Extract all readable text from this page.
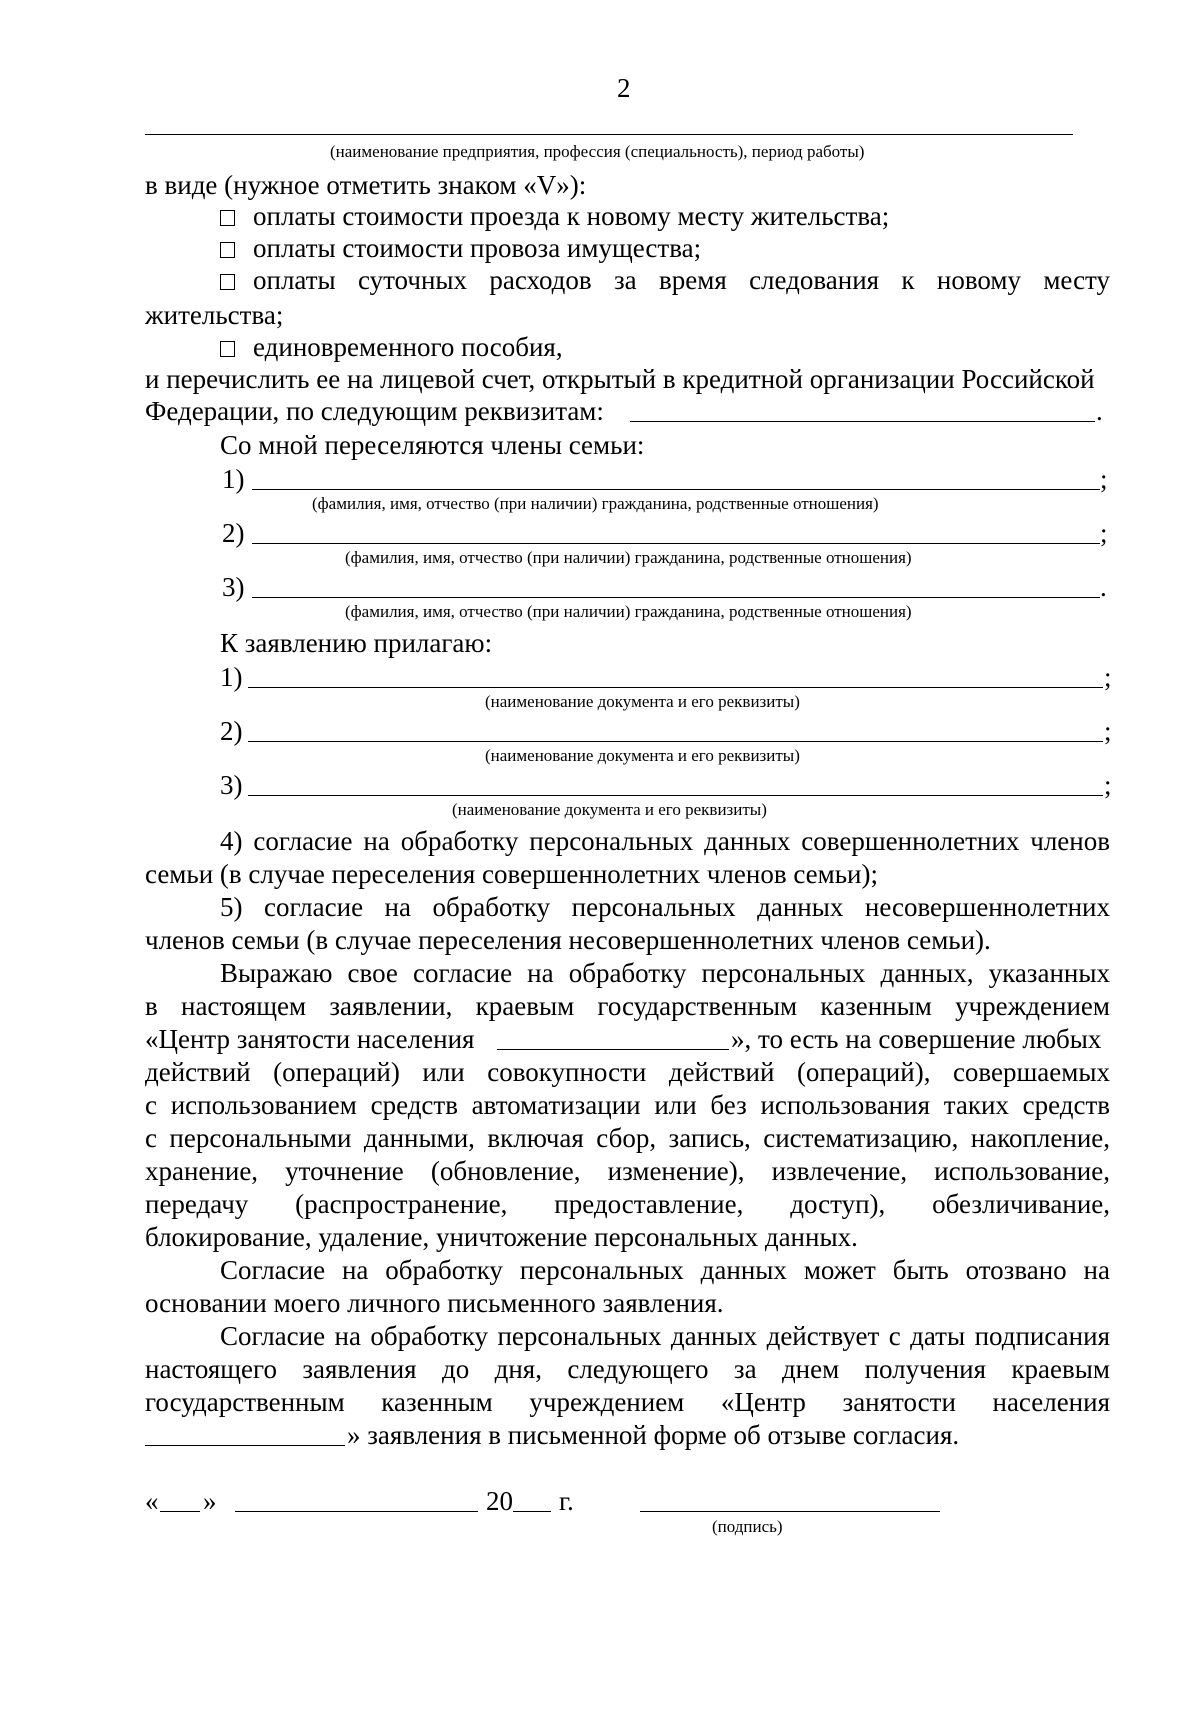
2
(наименование предприятия, профессия (специальность), период работы)
в виде (нужное отметить знаком «V»):
оплаты стоимости проезда к новому месту жительства;
оплаты стоимости провоза имущества;
оплаты суточных расходов за время следования к новому месту
жительства;
единовременного пособия,
и перечислить ее на лицевой счет, открытый в кредитной организации Российской
Федерации, по следующим реквизитам:	.
Со мной переселяются члены семьи:
1)	;
(фамилия, имя, отчество (при наличии) гражданина, родственные отношения)
2)	;
(фамилия, имя, отчество (при наличии) гражданина, родственные отношения)
3)	.
(фамилия, имя, отчество (при наличии) гражданина, родственные отношения)
К заявлению прилагаю:
1)	;
(наименование документа и его реквизиты)
2)	;
(наименование документа и его реквизиты)
3)	;
(наименование документа и его реквизиты)
4) согласие на обработку персональных данных совершеннолетних членов
семьи (в случае переселения совершеннолетних членов семьи);
5) согласие на обработку персональных данных несовершеннолетних
членов семьи (в случае переселения несовершеннолетних членов семьи).
Выражаю свое согласие на обработку персональных данных, указанных
в настоящем заявлении, краевым государственным казенным учреждением
«Центр занятости населения	», то есть на совершение любых
действий (операций) или совокупности действий (операций), совершаемых
с использованием средств автоматизации или без использования таких средств
с персональными данными, включая сбор, запись, систематизацию, накопление,
хранение, уточнение (обновление, изменение), извлечение, использование,
передачу (распространение, предоставление, доступ), обезличивание,
блокирование, удаление, уничтожение персональных данных.
Согласие на обработку персональных данных может быть отозвано на
основании моего личного письменного заявления.
Согласие на обработку персональных данных действует с даты подписания
настоящего заявления до дня, следующего за днем получения краевым
государственным казенным учреждением «Центр занятости населения
» заявления в письменной форме об отзыве согласия.
« »	20 г.
(подпись)
